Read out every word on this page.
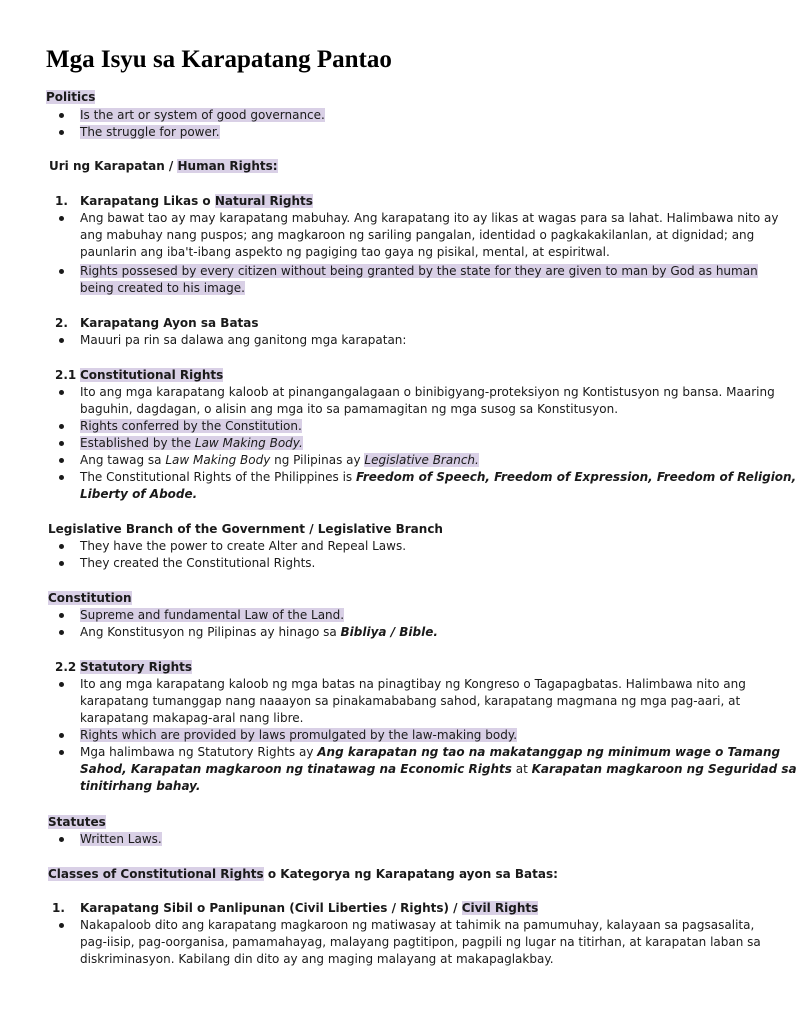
Mga Isyu sa Karapatang Pantao
Politics
Is the art or system of good governance.
The struggle for power.
Uri ng Karapatan / Human Rights:
1. Karapatang Likas o Natural Rights
Ang bawat tao ay may karapatang mabuhay. Ang karapatang ito ay likas at wagas para sa lahat. Halimbawa nito ay
ang mabuhay nang puspos; ang magkaroon ng sariling pangalan, identidad o pagkakakilanlan, at dignidad; ang
paunlarin ang iba't-ibang aspekto ng pagiging tao gaya ng pisikal, mental, at espiritwal.
Rights possesed by every citizen without being granted by the state for they are given to man by God as human
being created to his image.
2. Karapatang Ayon sa Batas
Mauuri pa rin sa dalawa ang ganitong mga karapatan:
2.1 Constitutional Rights
Ito ang mga karapatang kaloob at pinangangalagaan o binibigyang-proteksiyon ng Kontistusyon ng bansa. Maaring
baguhin, dagdagan, o alisin ang mga ito sa pamamagitan ng mga susog sa Konstitusyon.
Rights conferred by the Constitution.
Established by the Law Making Body.
Ang tawag sa Law Making Body ng Pilipinas ay Legislative Branch.
The Constitutional Rights of the Philippines is Freedom of Speech, Freedom of Expression, Freedom of Religion,
Liberty of Abode.
Legislative Branch of the Government / Legislative Branch
They have the power to create Alter and Repeal Laws.
They created the Constitutional Rights.
Constitution
Supreme and fundamental Law of the Land.
Ang Konstitusyon ng Pilipinas ay hinago sa Bibliya / Bible.
2.2 Statutory Rights
Ito ang mga karapatang kaloob ng mga batas na pinagtibay ng Kongreso o Tagapagbatas. Halimbawa nito ang
karapatang tumanggap nang naaayon sa pinakamababang sahod, karapatang magmana ng mga pag-aari, at
karapatang makapag-aral nang libre.
Rights which are provided by laws promulgated by the law-making body.
Mga halimbawa ng Statutory Rights ay Ang karapatan ng tao na makatanggap ng minimum wage o Tamang
Sahod, Karapatan magkaroon ng tinatawag na Economic Rights at Karapatan magkaroon ng Seguridad sa
tinitirhang bahay.
Statutes
Written Laws.
Classes of Constitutional Rights o Kategorya ng Karapatang ayon sa Batas:
1. Karapatang Sibil o Panlipunan (Civil Liberties / Rights) / Civil Rights
Nakapaloob dito ang karapatang magkaroon ng matiwasay at tahimik na pamumuhay, kalayaan sa pagsasalita,
pag-iisip, pag-oorganisa, pamamahayag, malayang pagtitipon, pagpili ng lugar na titirhan, at karapatan laban sa
diskriminasyon. Kabilang din dito ay ang maging malayang at makapaglakbay.
